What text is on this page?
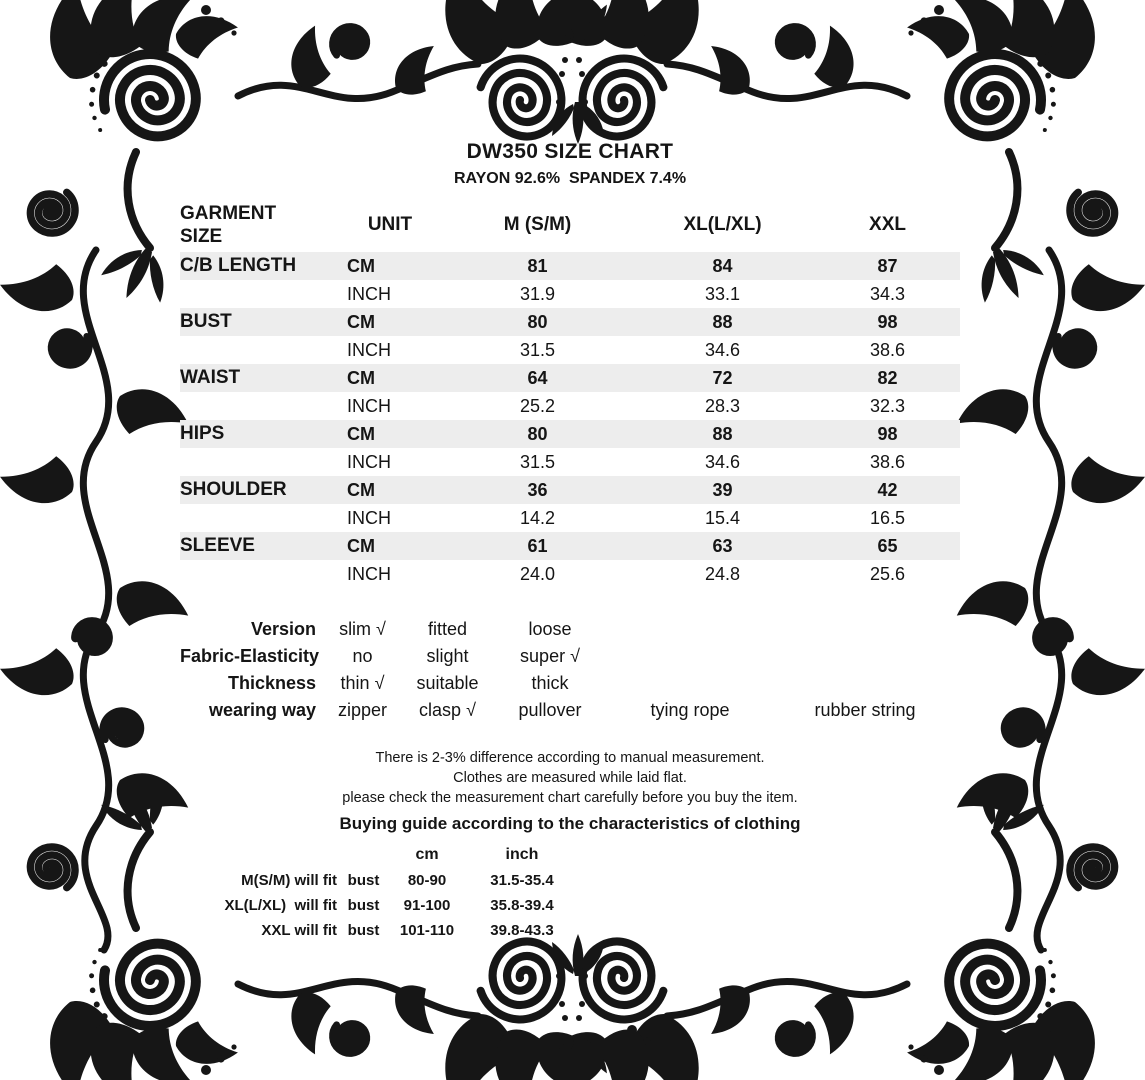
DW350 SIZE CHART
RAYON 92.6%  SPANDEX 7.4%
GARMENT
SIZE
UNIT	M (S/M)	XL(L/XL)	XXL
C/B LENGTH	CM	81	84	87
INCH	31.9	33.1	34.3
BUST	CM	80	88	98
INCH	31.5	34.6	38.6
WAIST	CM	64	72	82
INCH	25.2	28.3	32.3
HIPS	CM	80	88	98
INCH	31.5	34.6	38.6
SHOULDER	CM	36	39	42
INCH	14.2	15.4	16.5
SLEEVE	CM	61	63	65
INCH	24.0	24.8	25.6
Version	slim √	fitted	loose
Fabric-Elasticity	no	slight	super √
Thickness	thin √	suitable	thick
wearing way	zipper	clasp √	pullover	tying rope	rubber string
There is 2-3% difference according to manual measurement.
Clothes are measured while laid flat.
please check the measurement chart carefully before you buy the item.
Buying guide according to the characteristics of clothing
cm	inch
M(S/M) will fit bust	80-90	31.5-35.4
XL(L/XL)  will fit bust	91-100	35.8-39.4
XXL will fit bust	101-110	39.8-43.3
